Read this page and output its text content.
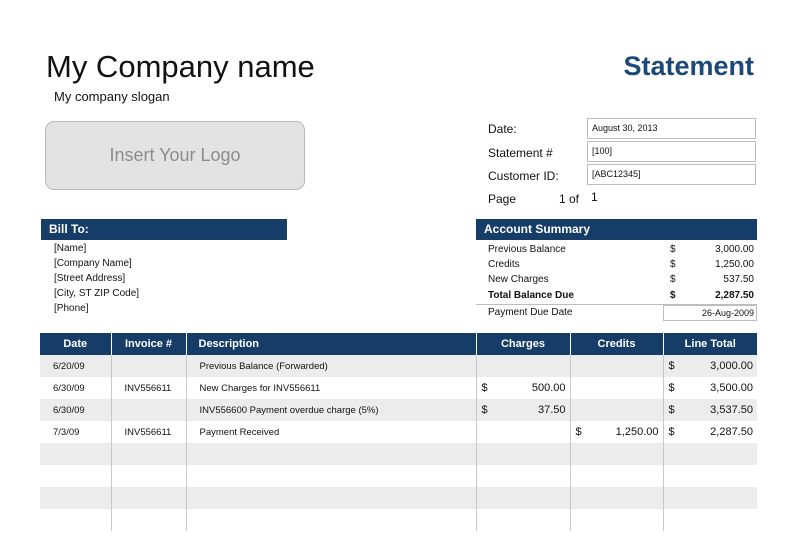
My Company name
My company slogan
Statement
Insert Your Logo
Date:	August 30, 2013
Statement #	[100]
Customer ID:	[ABC12345]
Page	1 of 1
Bill To:
[Name]
[Company Name]
[Street Address]
[City, ST ZIP Code]
[Phone]
Account Summary
Previous Balance	$	3,000.00
Credits	$	1,250.00
New Charges	$	537.50
Total Balance Due	$	2,287.50
Payment Due Date	26-Aug-2009
Date	Invoice #	Description	Charges	Credits	Line Total
6/20/09		Previous Balance (Forwarded)			$ 3,000.00

6/30/09	INV556611	New Charges for INV556611	$ 500.00		$ 3,500.00

6/30/09		INV556600 Payment overdue charge (5%)	$ 37.50		$ 3,537.50

7/3/09	INV556611	Payment Received		$ 1,250.00	$ 2,287.50
